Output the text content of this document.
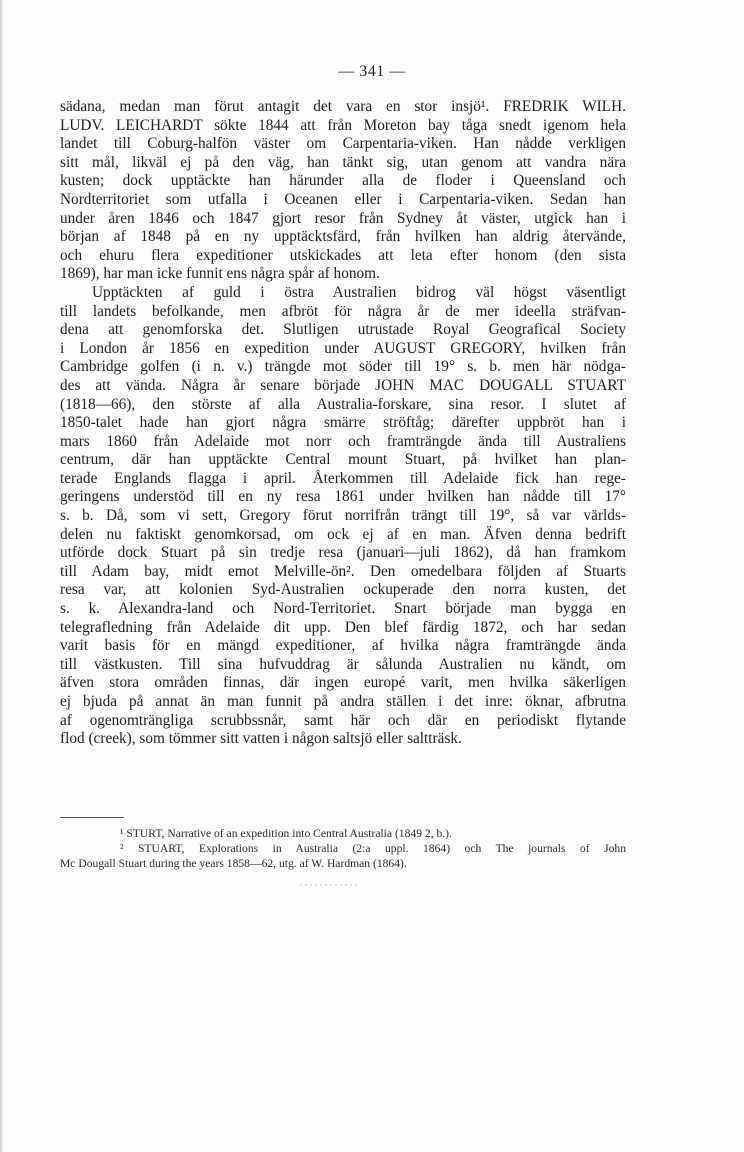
— 341 —
sädana, medan man förut antagit det vara en stor insjö¹. FREDRIK WILH.
LUDV. LEICHARDT sökte 1844 att från Moreton bay tåga snedt igenom hela
landet till Coburg-halfön väster om Carpentaria-viken. Han nådde verkligen
sitt mål, likväl ej på den väg, han tänkt sig, utan genom att vandra nära
kusten; dock upptäckte han härunder alla de floder i Queensland och
Nordterritoriet som utfalla i Oceanen eller i Carpentaria-viken. Sedan han
under åren 1846 och 1847 gjort resor från Sydney åt väster, utgick han i
början af 1848 på en ny upptäcktsfärd, från hvilken han aldrig återvände,
och ehuru flera expeditioner utskickades att leta efter honom (den sista
1869), har man icke funnit ens några spår af honom.
Upptäckten af guld i östra Australien bidrog väl högst väsentligt
till landets befolkande, men afbröt för några år de mer ideella sträfvan-
dena att genomforska det. Slutligen utrustade Royal Geografical Society
i London år 1856 en expedition under AUGUST GREGORY, hvilken från
Cambridge golfen (i n. v.) trängde mot söder till 19° s. b. men här nödga-
des att vända. Några år senare började JOHN MAC DOUGALL STUART
(1818—66), den störste af alla Australia-forskare, sina resor. I slutet af
1850-talet hade han gjort några smärre ströftåg; därefter uppbröt han i
mars 1860 från Adelaide mot norr och framträngde ända till Australiens
centrum, där han upptäckte Central mount Stuart, på hvilket han plan-
terade Englands flagga i april. Återkommen till Adelaide fick han rege-
geringens understöd till en ny resa 1861 under hvilken han nådde till 17°
s. b. Då, som vi sett, Gregory förut norrifrån trängt till 19°, så var världs-
delen nu faktiskt genomkorsad, om ock ej af en man. Äfven denna bedrift
utförde dock Stuart på sin tredje resa (januari—juli 1862), då han framkom
till Adam bay, midt emot Melville-ön². Den omedelbara följden af Stuarts
resa var, att kolonien Syd-Australien ockuperade den norra kusten, det
s. k. Alexandra-land och Nord-Territoriet. Snart började man bygga en
telegrafledning från Adelaide dit upp. Den blef färdig 1872, och har sedan
varit basis för en mängd expeditioner, af hvilka några framträngde ända
till västkusten. Till sina hufvuddrag är sålunda Australien nu kändt, om
äfven stora områden finnas, där ingen europé varit, men hvilka säkerligen
ej bjuda på annat än man funnit på andra ställen i det inre: öknar, afbrutna
af ogenomträngliga scrubbssnår, samt här och där en periodiskt flytande
flod (creek), som tömmer sitt vatten i någon saltsjö eller saltträsk.
¹ STURT, Narrative of an expedition into Central Australia (1849 2, b.).
² STUART, Explorations in Australia (2:a uppl. 1864) och The journals of John
Mc Dougall Stuart during the years 1858—62, utg. af W. Hardman (1864).
